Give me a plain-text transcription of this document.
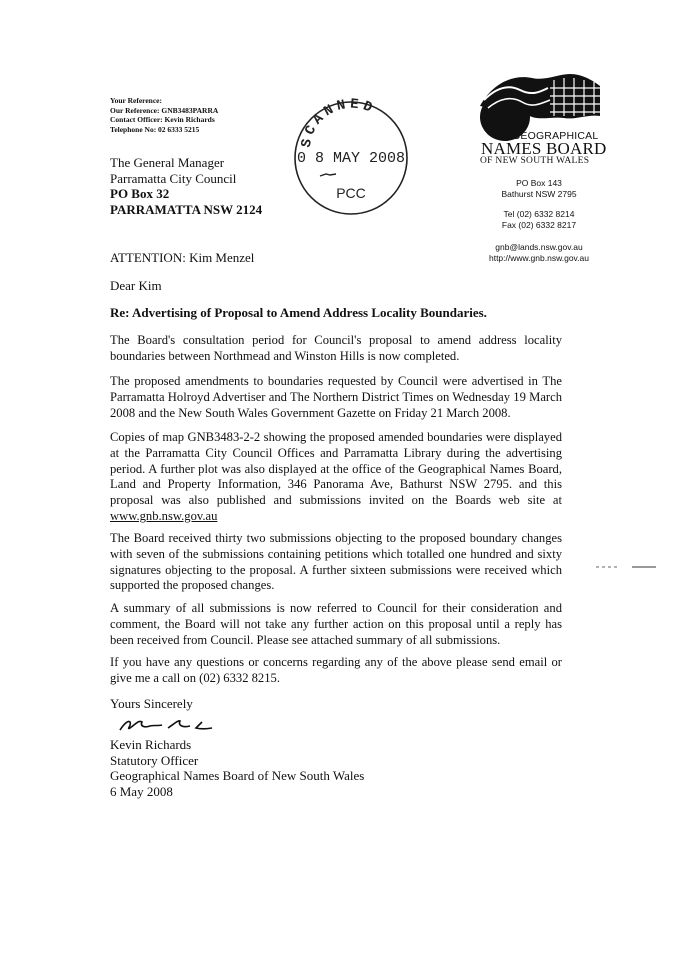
Your Reference:
Our Reference: GNB3483PARRA
Contact Officer: Kevin Richards
Telephone No: 02 6333 5215
The General Manager
Parramatta City Council
PO Box 32
PARRAMATTA NSW 2124
SCANNED
0 8 MAY 2008
PCC
GEOGRAPHICAL
NAMES BOARD
OF NEW SOUTH WALES
PO Box 143
Bathurst NSW 2795
Tel (02) 6332 8214
Fax (02) 6332 8217
gnb@lands.nsw.gov.au
http://www.gnb.nsw.gov.au
ATTENTION: Kim Menzel
Dear Kim
Re: Advertising of Proposal to Amend Address Locality Boundaries.
The Board's consultation period for Council's proposal to amend address locality boundaries between Northmead and Winston Hills is now completed.
The proposed amendments to boundaries requested by Council were advertised in The Parramatta Holroyd Advertiser and The Northern District Times on Wednesday 19 March 2008 and the New South Wales Government Gazette on Friday 21 March 2008.
Copies of map GNB3483-2-2 showing the proposed amended boundaries were displayed at the Parramatta City Council Offices and Parramatta Library during the advertising period. A further plot was also displayed at the office of the Geographical Names Board, Land and Property Information, 346 Panorama Ave, Bathurst NSW 2795. and this proposal was also published and submissions invited on the Boards web site at www.gnb.nsw.gov.au
The Board received thirty two submissions objecting to the proposed boundary changes with seven of the submissions containing petitions which totalled one hundred and sixty signatures objecting to the proposal. A further sixteen submissions were received which supported the proposed changes.
A summary of all submissions is now referred to Council for their consideration and comment, the Board will not take any further action on this proposal until a reply has been received from Council. Please see attached summary of all submissions.
If you have any questions or concerns regarding any of the above please send email or give me a call on (02) 6332 8215.
Yours Sincerely
Kevin Richards
Statutory Officer
Geographical Names Board of New South Wales
6 May 2008
